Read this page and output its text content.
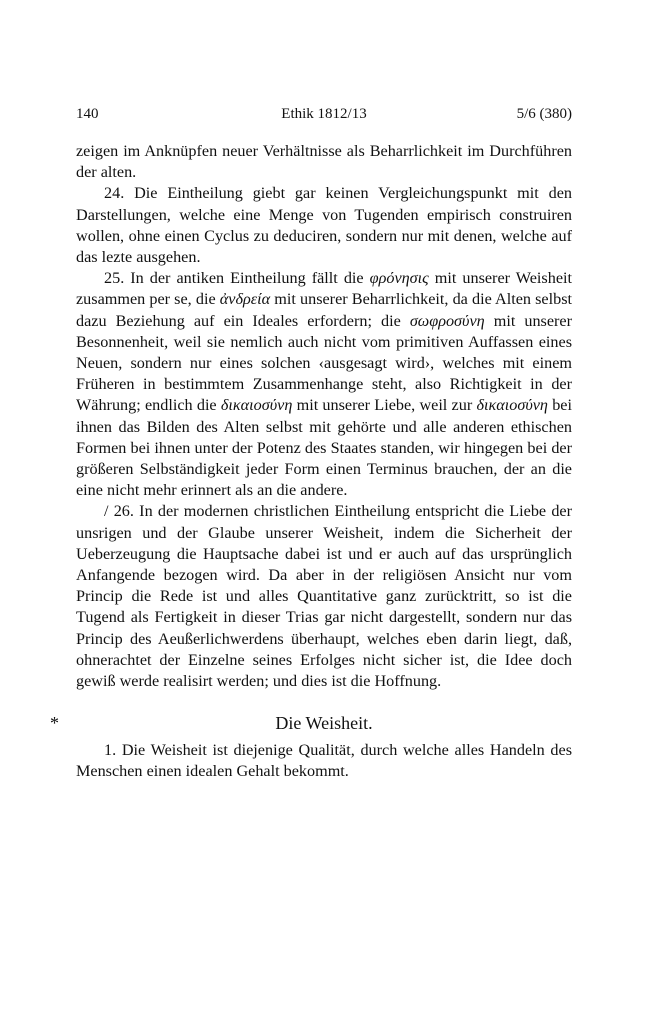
140	Ethik 1812/13	5/6 (380)

zeigen im Anknüpfen neuer Verhältnisse als Beharrlichkeit im Durchführen der alten.

24. Die Eintheilung giebt gar keinen Vergleichungspunkt mit den Darstellungen, welche eine Menge von Tugenden empirisch construiren wollen, ohne einen Cyclus zu deduciren, sondern nur mit denen, welche auf das lezte ausgehen.

25. In der antiken Eintheilung fällt die φρόνησις mit unserer Weisheit zusammen per se, die ἀνδρεία mit unserer Beharrlichkeit, da die Alten selbst dazu Beziehung auf ein Ideales erfordern; die σωφροσύνη mit unserer Besonnenheit, weil sie nemlich auch nicht vom primitiven Auffassen eines Neuen, sondern nur eines solchen ‹ausgesagt wird›, welches mit einem Früheren in bestimmtem Zusammenhange steht, also Richtigkeit in der Währung; endlich die δικαιοσύνη mit unserer Liebe, weil zur δικαιοσύνη bei ihnen das Bilden des Alten selbst mit gehörte und alle anderen ethischen Formen bei ihnen unter der Potenz des Staates standen, wir hingegen bei der größeren Selbständigkeit jeder Form einen Terminus brauchen, der an die eine nicht mehr erinnert als an die andere.

/ 26. In der modernen christlichen Eintheilung entspricht die Liebe der unsrigen und der Glaube unserer Weisheit, indem die Sicherheit der Ueberzeugung die Hauptsache dabei ist und er auch auf das ursprünglich Anfangende bezogen wird. Da aber in der religiösen Ansicht nur vom Princip die Rede ist und alles Quantitative ganz zurücktritt, so ist die Tugend als Fertigkeit in dieser Trias gar nicht dargestellt, sondern nur das Princip des Aeußerlichwerdens überhaupt, welches eben darin liegt, daß, ohnerachtet der Einzelne seines Erfolges nicht sicher ist, die Idee doch gewiß werde realisirt werden; und dies ist die Hoffnung.

*	Die Weisheit.

1. Die Weisheit ist diejenige Qualität, durch welche alles Handeln des Menschen einen idealen Gehalt bekommt.
